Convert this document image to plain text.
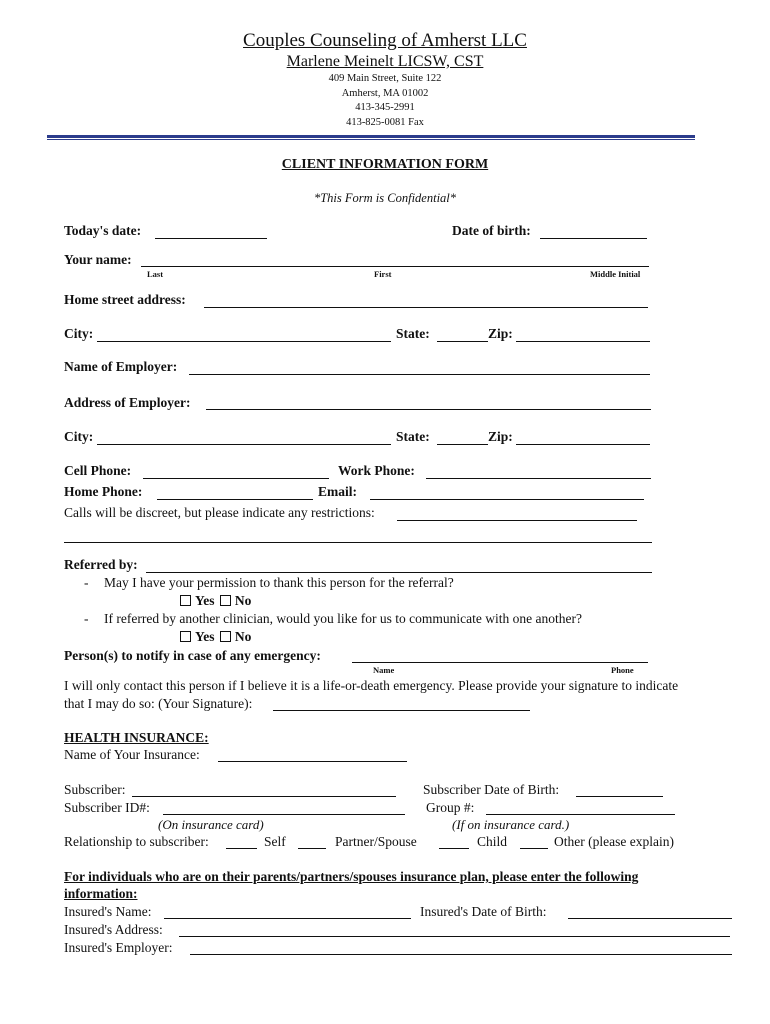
Couples Counseling of Amherst LLC
Marlene Meinelt LICSW, CST
409 Main Street, Suite 122
Amherst, MA 01002
413-345-2991
413-825-0081 Fax
CLIENT INFORMATION FORM
*This Form is Confidential*
Today's date:	Date of birth:
Your name:
Last	First	Middle Initial
Home street address:
City:	State:	Zip:
Name of Employer:
Address of Employer:
City:	State:	Zip:
Cell Phone:	Work Phone:
Home Phone:	Email:
Calls will be discreet, but please indicate any restrictions:
Referred by:
- May I have your permission to thank this person for the referral?
Yes No
- If referred by another clinician, would you like for us to communicate with one another?
Yes No
Person(s) to notify in case of any emergency:
Name	Phone
I will only contact this person if I believe it is a life-or-death emergency. Please provide your signature to indicate
that I may do so: (Your Signature):
HEALTH INSURANCE:
Name of Your Insurance:
Subscriber:	Subscriber Date of Birth:
Subscriber ID#:	Group #:
(On insurance card)	(If on insurance card.)
Relationship to subscriber:	Self	Partner/Spouse	Child	Other (please explain)
For individuals who are on their parents/partners/spouses insurance plan, please enter the following
information:
Insured's Name:	Insured's Date of Birth:
Insured's Address:
Insured's Employer:
